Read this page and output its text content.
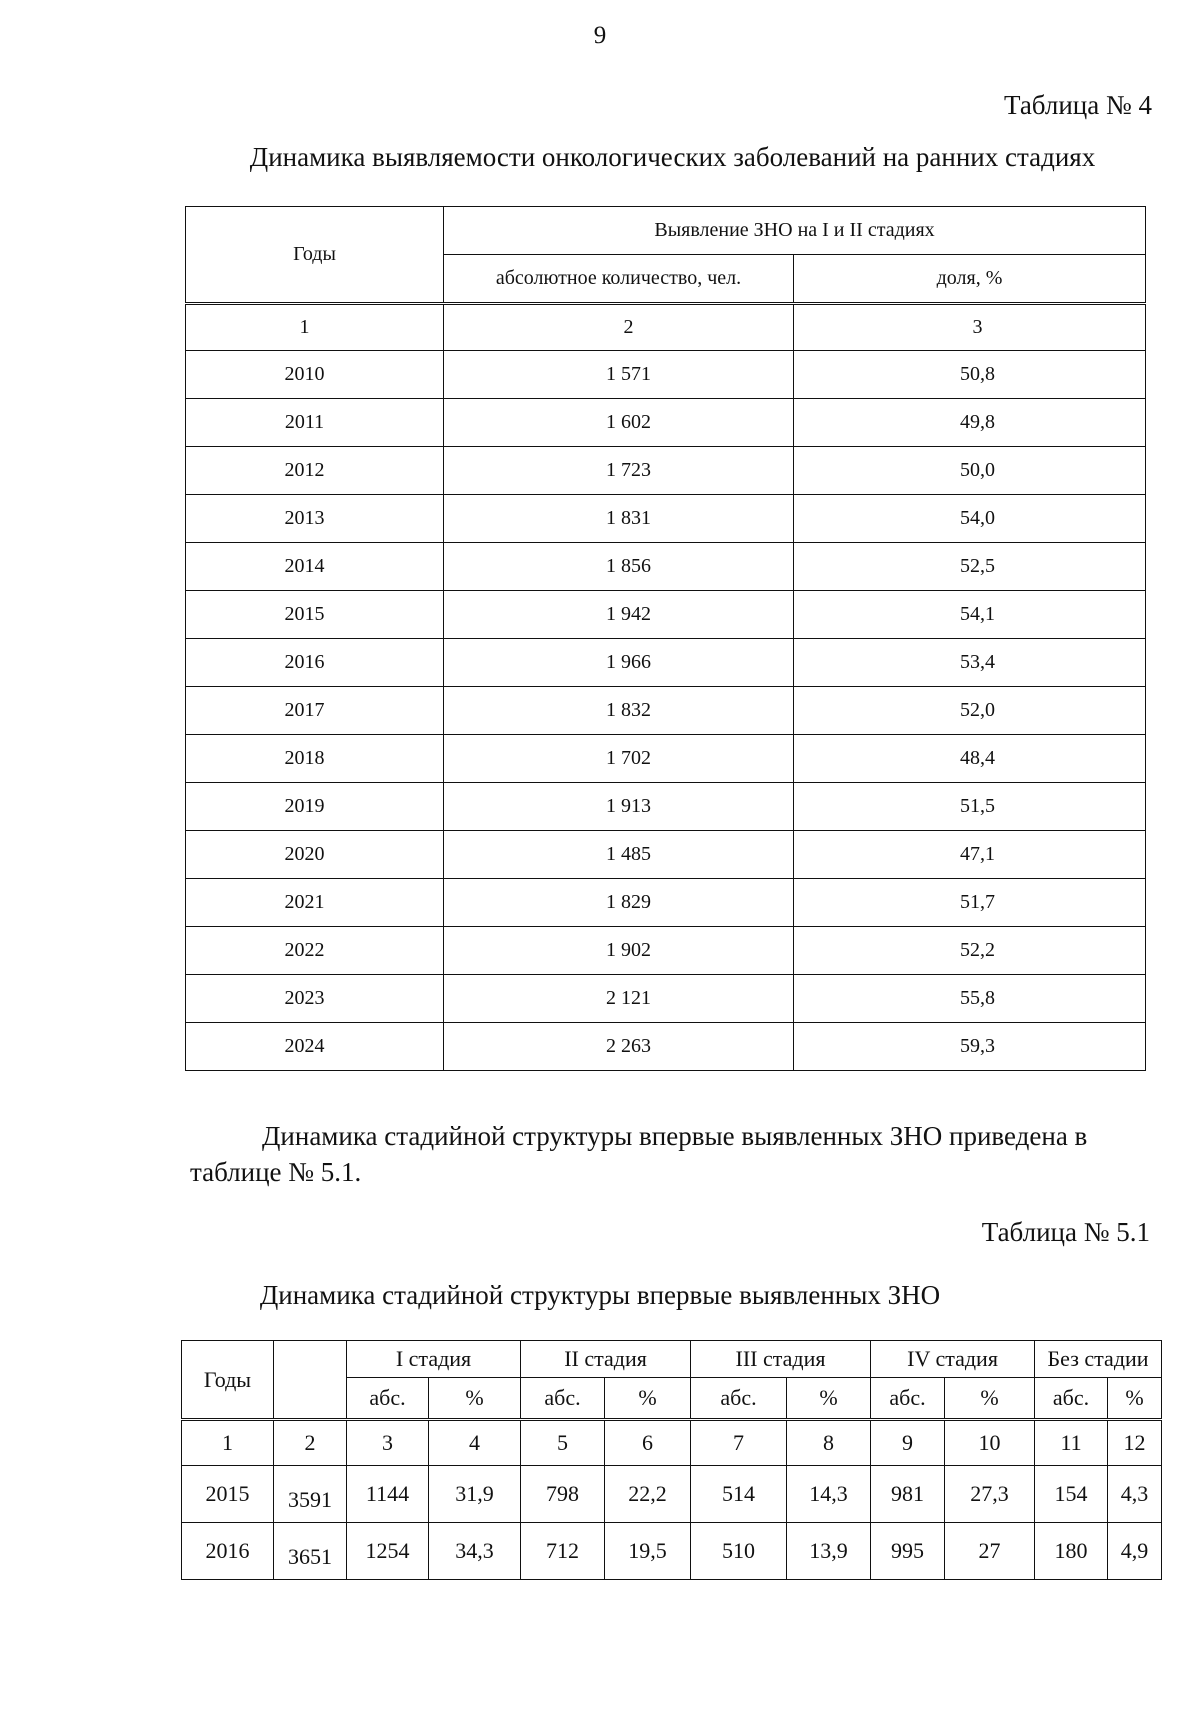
9
Таблица № 4
Динамика выявляемости онкологических заболеваний на ранних стадиях
Годы	Выявление ЗНО на I и II стадиях	
	абсолютное количество, чел.	доля, %
1	2	3
2010	1 571	50,8
2011	1 602	49,8
2012	1 723	50,0
2013	1 831	54,0
2014	1 856	52,5
2015	1 942	54,1
2016	1 966	53,4
2017	1 832	52,0
2018	1 702	48,4
2019	1 913	51,5
2020	1 485	47,1
2021	1 829	51,7
2022	1 902	52,2
2023	2 121	55,8
2024	2 263	59,3
Динамика стадийной структуры впервые выявленных ЗНО приведена в
таблице № 5.1.
Таблица № 5.1
Динамика стадийной структуры впервые выявленных ЗНО
Годы		I стадия		II стадия		III стадия		IV стадия		Без стадии	
		абс.	%	абс.	%	абс.	%	абс.	%	абс.	%
1	2	3	4	5	6	7	8	9	10	11	12
2015	3591	1144	31,9	798	22,2	514	14,3	981	27,3	154	4,3
2016	3651	1254	34,3	712	19,5	510	13,9	995	27	180	4,9
